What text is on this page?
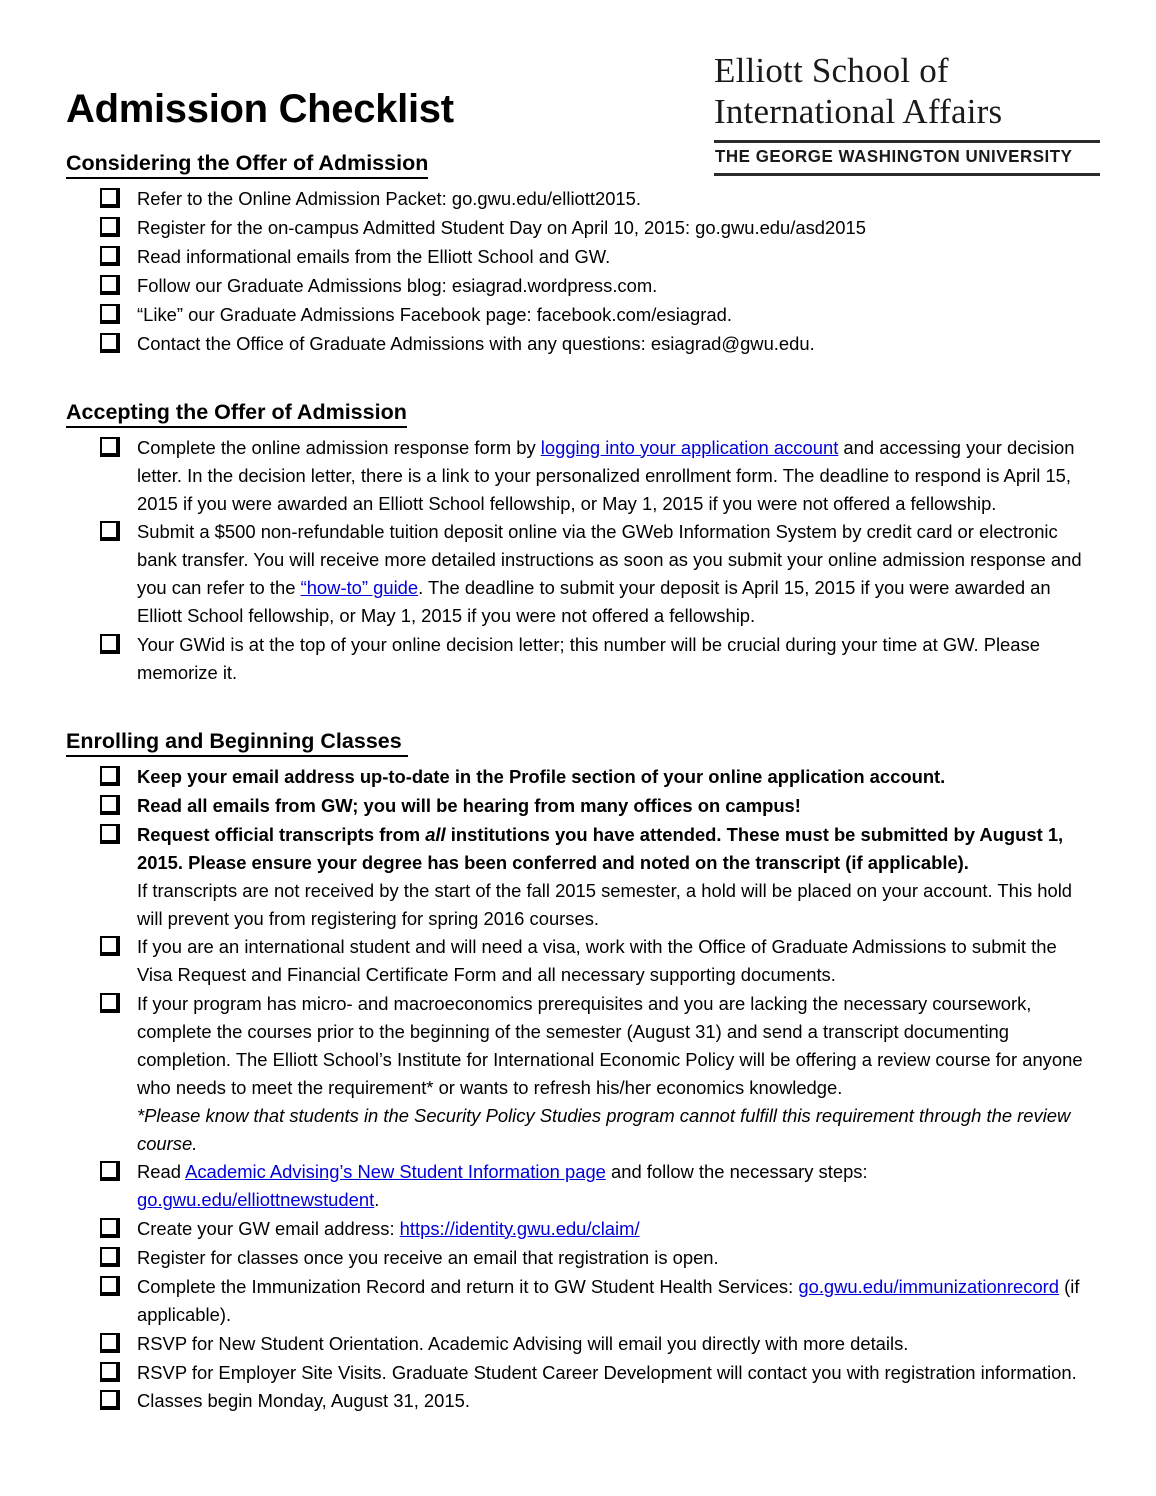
Admission Checklist
Elliott School of
International Affairs
THE GEORGE WASHINGTON UNIVERSITY
Considering the Offer of Admission
Refer to the Online Admission Packet: go.gwu.edu/elliott2015.
Register for the on-campus Admitted Student Day on April 10, 2015: go.gwu.edu/asd2015
Read informational emails from the Elliott School and GW.
Follow our Graduate Admissions blog: esiagrad.wordpress.com.
“Like” our Graduate Admissions Facebook page: facebook.com/esiagrad.
Contact the Office of Graduate Admissions with any questions: esiagrad@gwu.edu.
Accepting the Offer of Admission
Complete the online admission response form by logging into your application account and accessing your decision letter. In the decision letter, there is a link to your personalized enrollment form. The deadline to respond is April 15, 2015 if you were awarded an Elliott School fellowship, or May 1, 2015 if you were not offered a fellowship.
Submit a $500 non-refundable tuition deposit online via the GWeb Information System by credit card or electronic bank transfer. You will receive more detailed instructions as soon as you submit your online admission response and you can refer to the “how-to” guide. The deadline to submit your deposit is April 15, 2015 if you were awarded an Elliott School fellowship, or May 1, 2015 if you were not offered a fellowship.
Your GWid is at the top of your online decision letter; this number will be crucial during your time at GW. Please memorize it.
Enrolling and Beginning Classes
Keep your email address up-to-date in the Profile section of your online application account.
Read all emails from GW; you will be hearing from many offices on campus!
Request official transcripts from all institutions you have attended. These must be submitted by August 1, 2015. Please ensure your degree has been conferred and noted on the transcript (if applicable).
If transcripts are not received by the start of the fall 2015 semester, a hold will be placed on your account. This hold will prevent you from registering for spring 2016 courses.
If you are an international student and will need a visa, work with the Office of Graduate Admissions to submit the Visa Request and Financial Certificate Form and all necessary supporting documents.
If your program has micro- and macroeconomics prerequisites and you are lacking the necessary coursework, complete the courses prior to the beginning of the semester (August 31) and send a transcript documenting completion. The Elliott School’s Institute for International Economic Policy will be offering a review course for anyone who needs to meet the requirement* or wants to refresh his/her economics knowledge.
*Please know that students in the Security Policy Studies program cannot fulfill this requirement through the review course.
Read Academic Advising’s New Student Information page and follow the necessary steps: go.gwu.edu/elliottnewstudent.
Create your GW email address: https://identity.gwu.edu/claim/
Register for classes once you receive an email that registration is open.
Complete the Immunization Record and return it to GW Student Health Services: go.gwu.edu/immunizationrecord (if applicable).
RSVP for New Student Orientation. Academic Advising will email you directly with more details.
RSVP for Employer Site Visits. Graduate Student Career Development will contact you with registration information.
Classes begin Monday, August 31, 2015.
